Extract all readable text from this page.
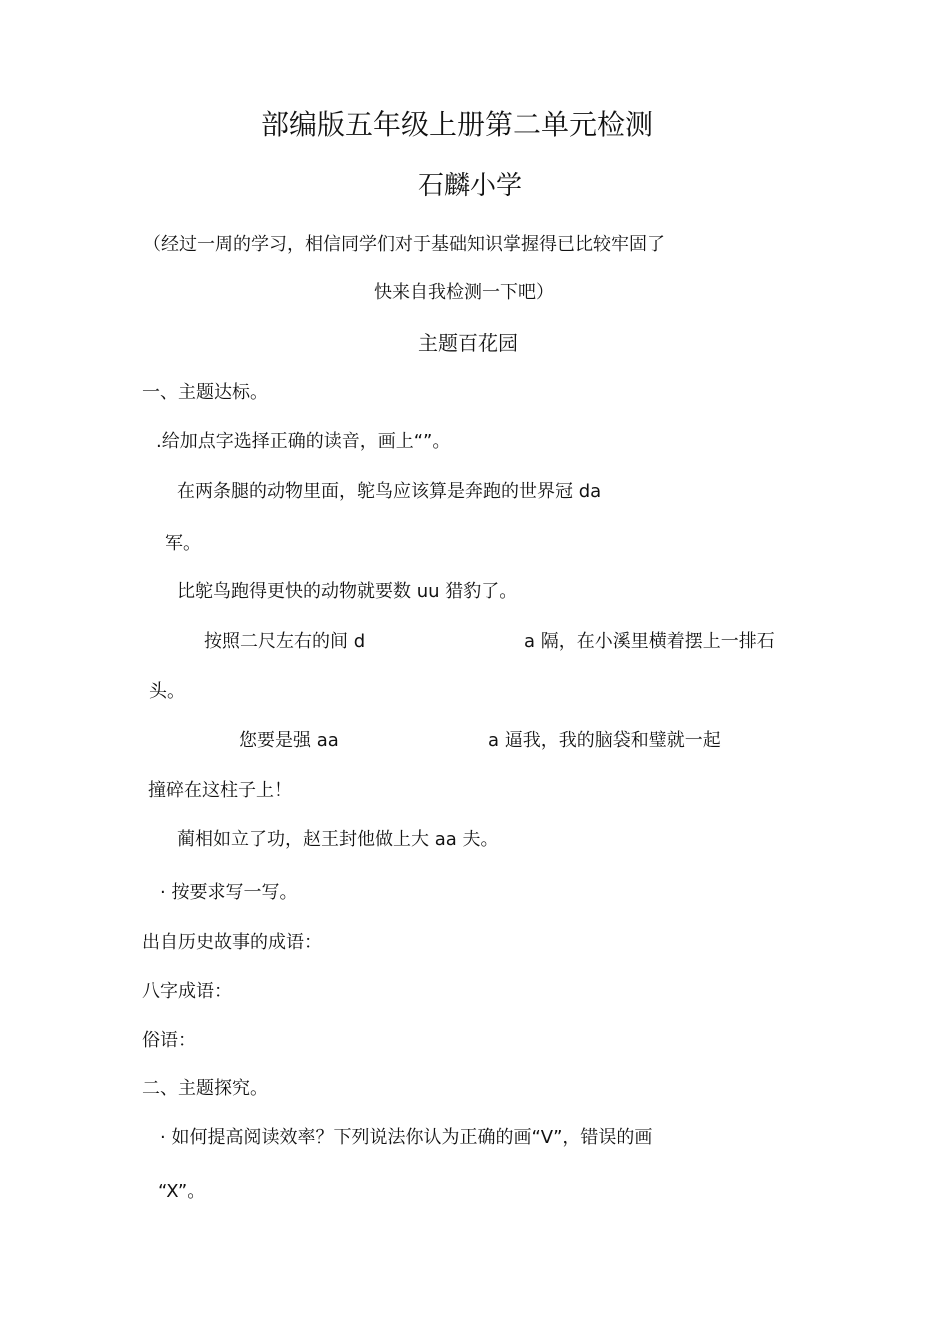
部编版五年级上册第二单元检测
石麟小学
（经过一周的学习，相信同学们对于基础知识掌握得已比较牢固了
快来自我检测一下吧）
主题百花园
一、主题达标。
.给加点字选择正确的读音，画上“”。
在两条腿的动物里面，鸵鸟应该算是奔跑的世界冠 da
军。
比鸵鸟跑得更快的动物就要数 uu 猎豹了。
按照二尺左右的间 d	a 隔，在小溪里横着摆上一排石
头。
您要是强 aa	a 逼我，我的脑袋和璧就一起
撞碎在这柱子上！
蔺相如立了功，赵王封他做上大 aa 夫。
· 按要求写一写。
出自历史故事的成语：
八字成语：
俗语：
二、主题探究。
· 如何提高阅读效率？下列说法你认为正确的画“V”，错误的画
“X”。
